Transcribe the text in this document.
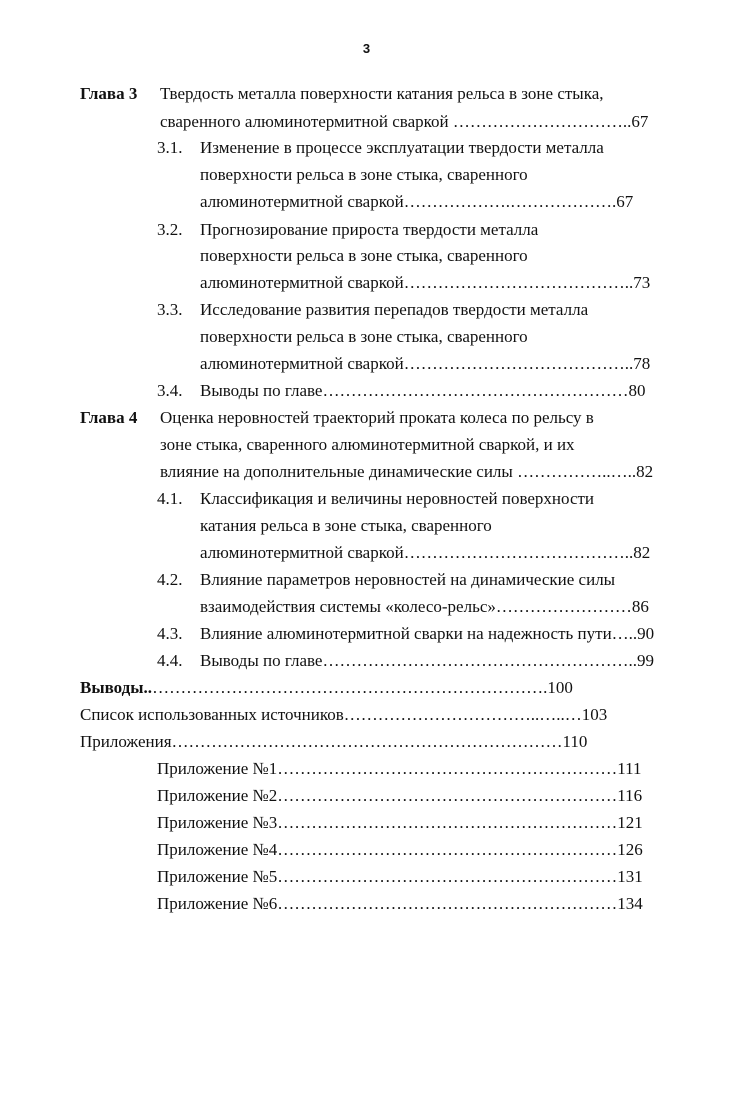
3
Глава 3 Твердость металла поверхности катания рельса в зоне стыка,
сваренного алюминотермитной сваркой …………………………..67
3.1. Изменение в процессе эксплуатации твердости металла
поверхности рельса в зоне стыка, сваренного
алюминотермитной сваркой……………….……………….67
3.2. Прогнозирование прироста твердости металла
поверхности рельса в зоне стыка, сваренного
алюминотермитной сваркой…………………………………..73
3.3. Исследование развития перепадов твердости металла
поверхности рельса в зоне стыка, сваренного
алюминотермитной сваркой…………………………………..78
3.4. Выводы по главе………………………………………………80
Глава 4 Оценка неровностей траекторий проката колеса по рельсу в
зоне стыка, сваренного алюминотермитной сваркой, и их
влияние на дополнительные динамические силы ……………..…..82
4.1. Классификация и величины неровностей поверхности
катания рельса в зоне стыка, сваренного
алюминотермитной сваркой…………………………………..82
4.2. Влияние параметров неровностей на динамические силы
взаимодействия системы «колесо-рельс»……………………86
4.3. Влияние алюминотермитной сварки на надежность пути…..90
4.4. Выводы по главе………………………………………………..99
Выводы..…………………………………………………………….100
Список использованных источников……………………………..…..…103
Приложения……………………………………………………………110
Приложение №1……………………………………………………111
Приложение №2……………………………………………………116
Приложение №3……………………………………………………121
Приложение №4……………………………………………………126
Приложение №5……………………………………………………131
Приложение №6……………………………………………………134
